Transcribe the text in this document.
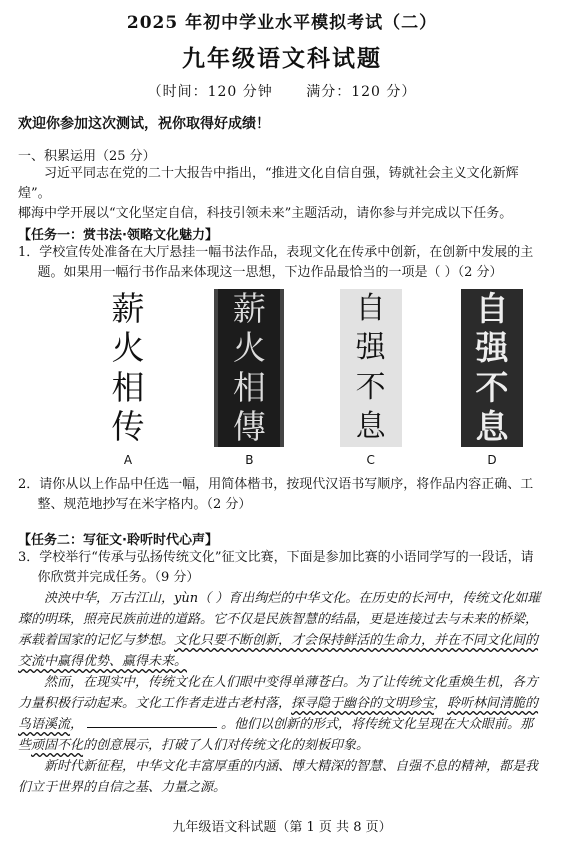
2025 年初中学业水平模拟考试（二）
九年级语文科试题
（时间：120 分钟 满分：120 分）
欢迎你参加这次测试，祝你取得好成绩！
一、积累运用（25 分）
习近平同志在党的二十大报告中指出，“推进文化自信自强，铸就社会主义文化新辉煌”。
椰海中学开展以“文化坚定自信，科技引领未来”主题活动，请你参与并完成以下任务。
【任务一：赏书法·领略文化魅力】
1．学校宣传处准备在大厅悬挂一幅书法作品，表现文化在传承中创新，在创新中发展的主题。如果用一幅行书作品来体现这一思想，下边作品最恰当的一项是（ ）（2 分）
薪
火
相
传
A
薪
火
相
傳
B
自
强
不
息
C
自
强
不
息
D
2．请你从以上作品中任选一幅，用简体楷书，按现代汉语书写顺序，将作品内容正确、工整、规范地抄写在米字格内。（2 分）
【任务二：写征文·聆听时代心声】
3．学校举行“传承与弘扬传统文化”征文比赛，下面是参加比赛的小语同学写的一段话，请你欣赏并完成任务。（9 分）
泱泱中华，万古江山，yùn（ ）育出绚烂的中华文化。在历史的长河中，传统文化如璀璨的明珠，照亮民族前进的道路。它不仅是民族智慧的结晶，更是连接过去与未来的桥梁，承载着国家的记忆与梦想。文化只要不断创新，才会保持鲜活的生命力，并在不同文化间的交流中赢得优势、赢得未来。
然而，在现实中，传统文化在人们眼中变得单薄苍白。为了让传统文化重焕生机，各方力量积极行动起来。文化工作者走进古老村落，探寻隐于幽谷的文明珍宝，聆听林间清脆的鸟语溪流，	。他们以创新的形式，将传统文化呈现在大众眼前。那些顽固不化的创意展示，打破了人们对传统文化的刻板印象。
新时代新征程，中华文化丰富厚重的内涵、博大精深的智慧、自强不息的精神，都是我们立于世界的自信之基、力量之源。
九年级语文科试题（第 1 页 共 8 页）
